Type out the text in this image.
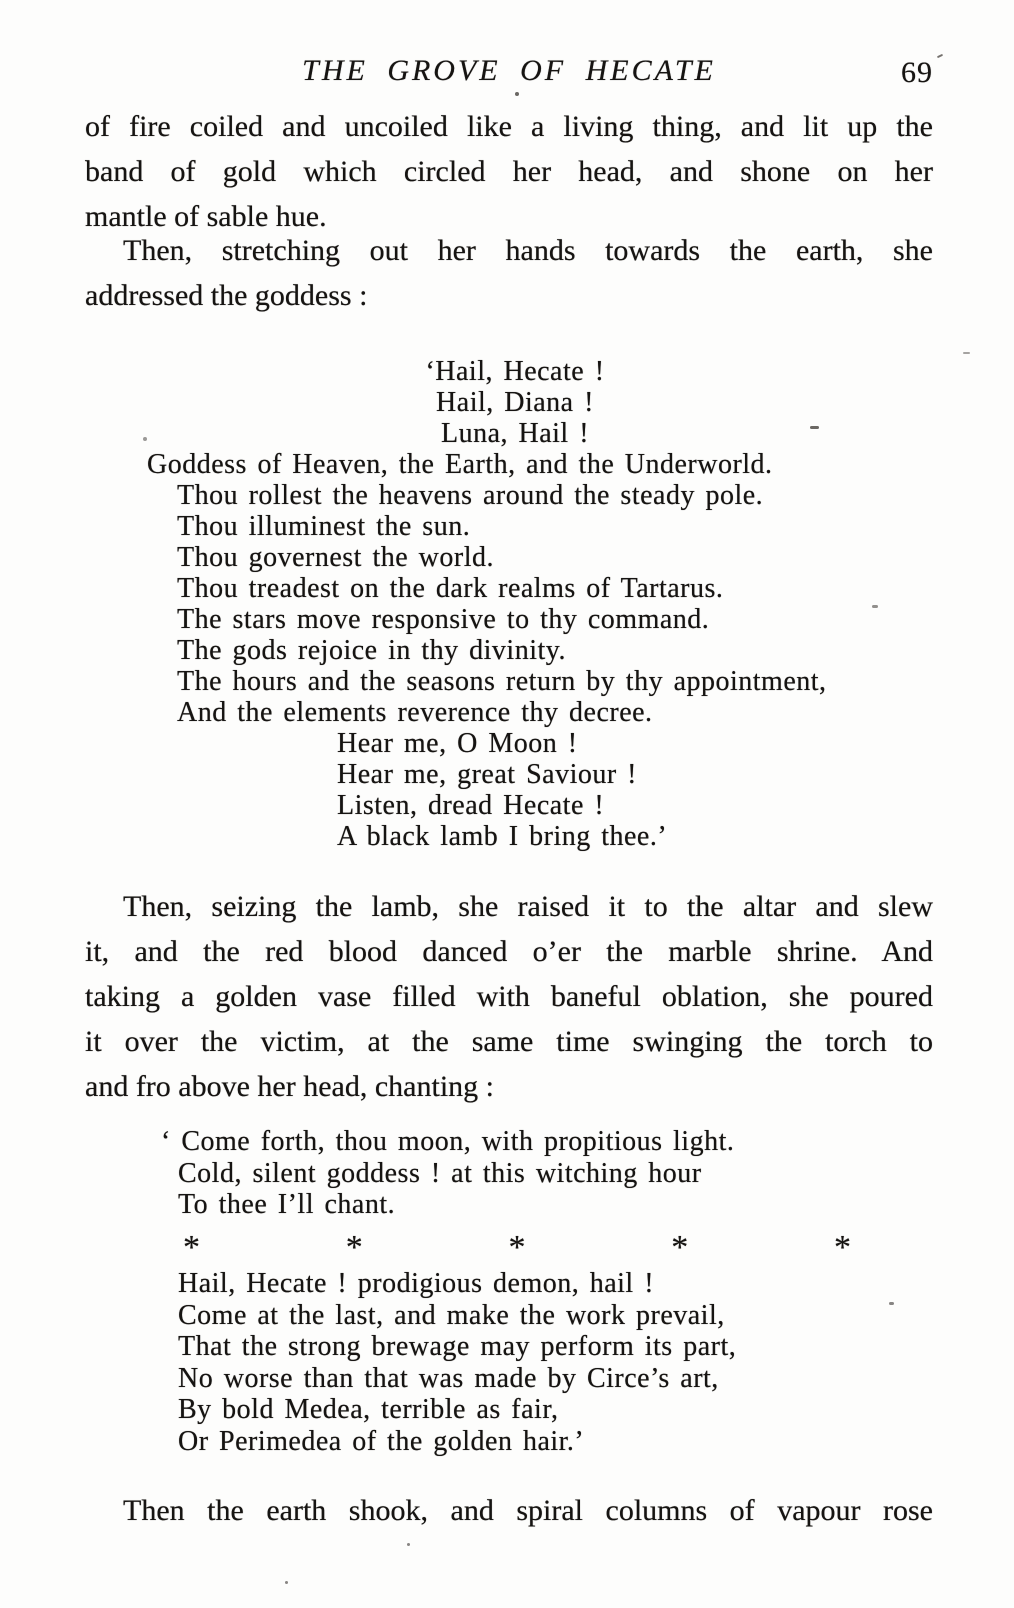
THE GROVE OF HECATE	69
of fire coiled and uncoiled like a living thing, and lit up the
band of gold which circled her head, and shone on her
mantle of sable hue.
Then, stretching out her hands towards the earth, she
addressed the goddess :
‘Hail, Hecate !
Hail, Diana !
Luna, Hail !
Goddess of Heaven, the Earth, and the Underworld.
Thou rollest the heavens around the steady pole.
Thou illuminest the sun.
Thou governest the world.
Thou treadest on the dark realms of Tartarus.
The stars move responsive to thy command.
The gods rejoice in thy divinity.
The hours and the seasons return by thy appointment,
And the elements reverence thy decree.
Hear me, O Moon !
Hear me, great Saviour !
Listen, dread Hecate !
A black lamb I bring thee.’
Then, seizing the lamb, she raised it to the altar and slew
it, and the red blood danced o’er the marble shrine. And
taking a golden vase filled with baneful oblation, she poured
it over the victim, at the same time swinging the torch to
and fro above her head, chanting :
‘ Come forth, thou moon, with propitious light.
Cold, silent goddess ! at this witching hour
To thee I’ll chant.
*	*	*	*	*
Hail, Hecate ! prodigious demon, hail !
Come at the last, and make the work prevail,
That the strong brewage may perform its part,
No worse than that was made by Circe’s art,
By bold Medea, terrible as fair,
Or Perimedea of the golden hair.’
Then the earth shook, and spiral columns of vapour rose
